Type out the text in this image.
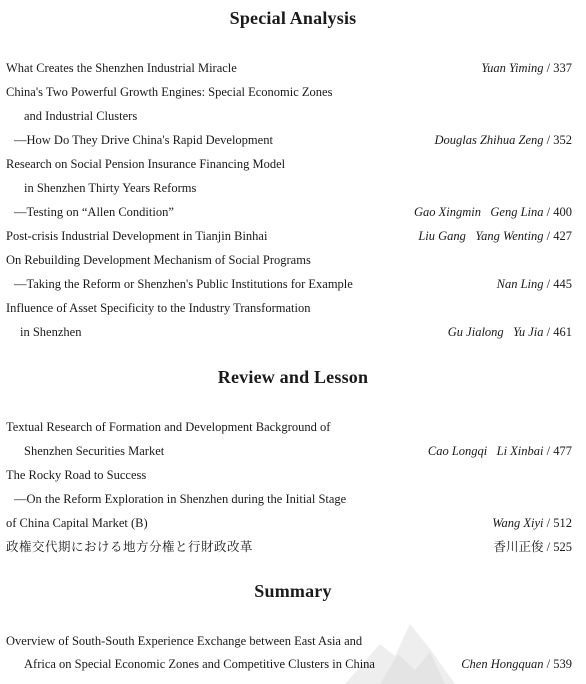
Special Analysis
Review and Lesson
Summary
What Creates the Shenzhen Industrial Miracle	Yuan Yiming / 337
China's Two Powerful Growth Engines: Special Economic Zones
and Industrial Clusters
—How Do They Drive China's Rapid Development	Douglas Zhihua Zeng / 352
Research on Social Pension Insurance Financing Model
in Shenzhen Thirty Years Reforms
—Testing on “Allen Condition”	Gao Xingmin Geng Lina / 400
Post-crisis Industrial Development in Tianjin Binhai	Liu Gang Yang Wenting / 427
On Rebuilding Development Mechanism of Social Programs
—Taking the Reform or Shenzhen's Public Institutions for Example	Nan Ling / 445
Influence of Asset Specificity to the Industry Transformation
in Shenzhen	Gu Jialong Yu Jia / 461
Textual Research of Formation and Development Background of
Shenzhen Securities Market	Cao Longqi Li Xinbai / 477
The Rocky Road to Success
—On the Reform Exploration in Shenzhen during the Initial Stage
of China Capital Market (B)	Wang Xiyi / 512
政権交代期における地方分権と行財政改革	香川正俊 / 525
Overview of South-South Experience Exchange between East Asia and
Africa on Special Economic Zones and Competitive Clusters in China	Chen Hongquan / 539
